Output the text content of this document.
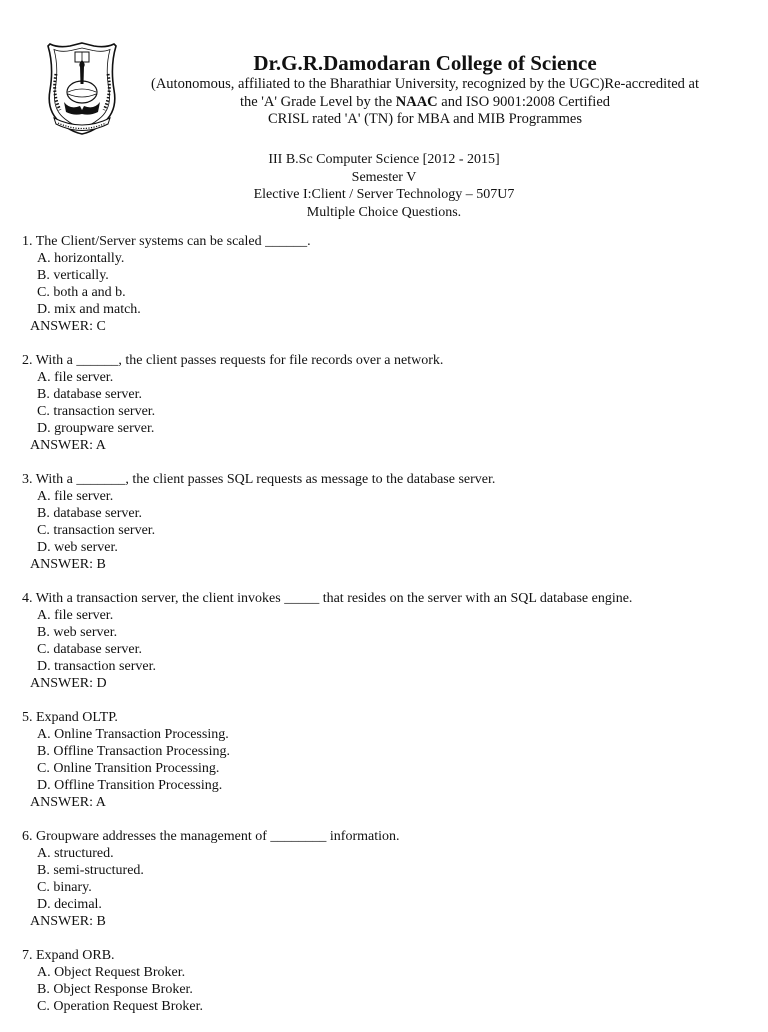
Dr.G.R.Damodaran College of Science

(Autonomous, affiliated to the Bharathiar University, recognized by the UGC)Re-accredited at

the 'A' Grade Level by the NAAC and ISO 9001:2008 Certified

CRISL rated 'A' (TN) for MBA and MIB Programmes

III B.Sc Computer Science [2012 - 2015]

Semester V

Elective I:Client / Server Technology – 507U7

Multiple Choice Questions.

1. The Client/Server systems can be scaled ______.

A. horizontally.

B. vertically.

C. both a and b.

D. mix and match.

ANSWER: C

2. With a ______, the client passes requests for file records over a network.

A. file server.

B. database server.

C. transaction server.

D. groupware server.

ANSWER: A

3. With a _______, the client passes SQL requests as message to the database server.

A. file server.

B. database server.

C. transaction server.

D. web server.

ANSWER: B

4. With a transaction server, the client invokes _____ that resides on the server with an SQL database engine.

A. file server.

B. web server.

C. database server.

D. transaction server.

ANSWER: D

5. Expand OLTP.

A. Online Transaction Processing.

B. Offline Transaction Processing.

C. Online Transition Processing.

D. Offline Transition Processing.

ANSWER: A

6. Groupware addresses the management of ________ information.

A. structured.

B. semi-structured.

C. binary.

D. decimal.

ANSWER: B

7. Expand ORB.

A. Object Request Broker.

B. Object Response Broker.

C. Operation Request Broker.
